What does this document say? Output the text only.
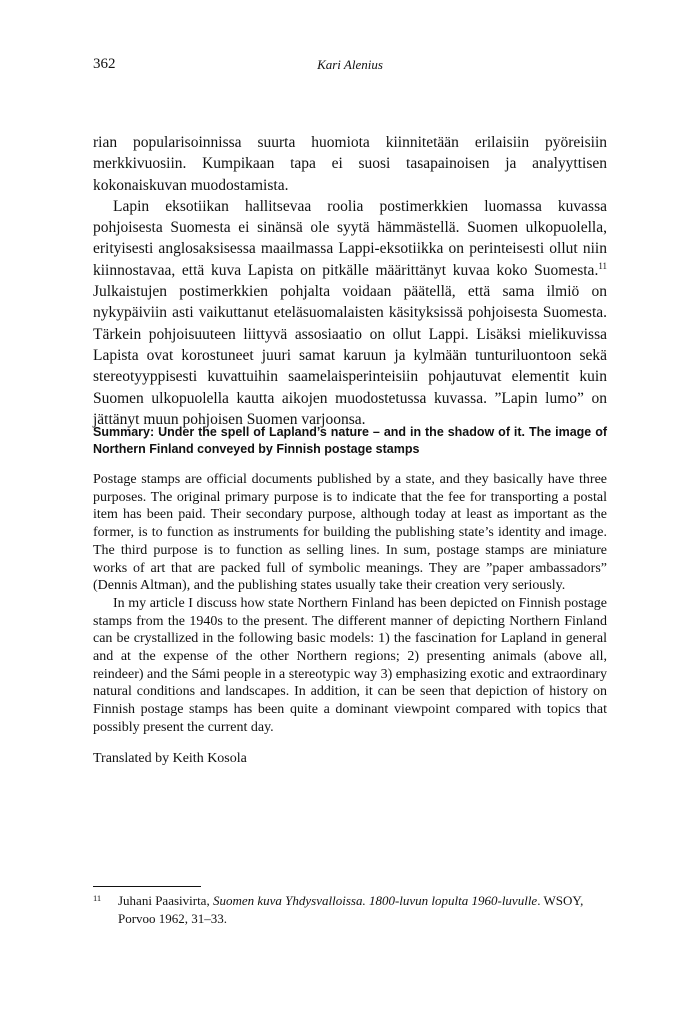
362	Kari Alenius

rian popularisoinnissa suurta huomiota kiinnitetään erilaisiin pyöreisiin merkkivuosiin. Kumpikaan tapa ei suosi tasapainoisen ja analyyttisen kokonaiskuvan muodostamista.

Lapin eksotiikan hallitsevaa roolia postimerkkien luomassa kuvassa pohjoisesta Suomesta ei sinänsä ole syytä hämmästellä. Suomen ulkopuolella, erityisesti anglosaksisessa maailmassa Lappi-eksotiikka on perinteisesti ollut niin kiinnostavaa, että kuva Lapista on pitkälle määrittänyt kuvaa koko Suomesta.$^{11}$ Julkaistujen postimerkkien pohjalta voidaan päätellä, että sama ilmiö on nykypäiviin asti vaikuttanut eteläsuomalaisten käsityksissä pohjoisesta Suomesta. Tärkein pohjoisuuteen liittyvä assosiaatio on ollut Lappi. Lisäksi mielikuvissa Lapista ovat korostuneet juuri samat karuun ja kylmään tunturiluontoon sekä stereotyyppisesti kuvattuihin saamelaisperinteisiin pohjautuvat elementit kuin Suomen ulkopuolella kautta aikojen muodostetussa kuvassa. ”Lapin lumo” on jättänyt muun pohjoisen Suomen varjoonsa.

Summary: Under the spell of Lapland’s nature – and in the shadow of it. The image of Northern Finland conveyed by Finnish postage stamps

Postage stamps are official documents published by a state, and they basically have three purposes. The original primary purpose is to indicate that the fee for transporting a postal item has been paid. Their secondary purpose, although today at least as important as the former, is to function as instruments for building the publishing state’s identity and image. The third purpose is to function as selling lines. In sum, postage stamps are miniature works of art that are packed full of symbolic meanings. They are ”paper ambassadors” (Dennis Altman), and the publishing states usually take their creation very seriously.

In my article I discuss how state Northern Finland has been depicted on Finnish postage stamps from the 1940s to the present. The different manner of depicting Northern Finland can be crystallized in the following basic models: 1) the fascination for Lapland in general and at the expense of the other Northern regions; 2) presenting animals (above all, reindeer) and the Sámi people in a stereotypic way 3) emphasizing exotic and extraordinary natural conditions and landscapes. In addition, it can be seen that depiction of history on Finnish postage stamps has been quite a dominant viewpoint compared with topics that possibly present the current day.

Translated by Keith Kosola

11 Juhani Paasivirta, Suomen kuva Yhdysvalloissa. 1800-luvun lopulta 1960-luvulle. WSOY, Porvoo 1962, 31–33.
